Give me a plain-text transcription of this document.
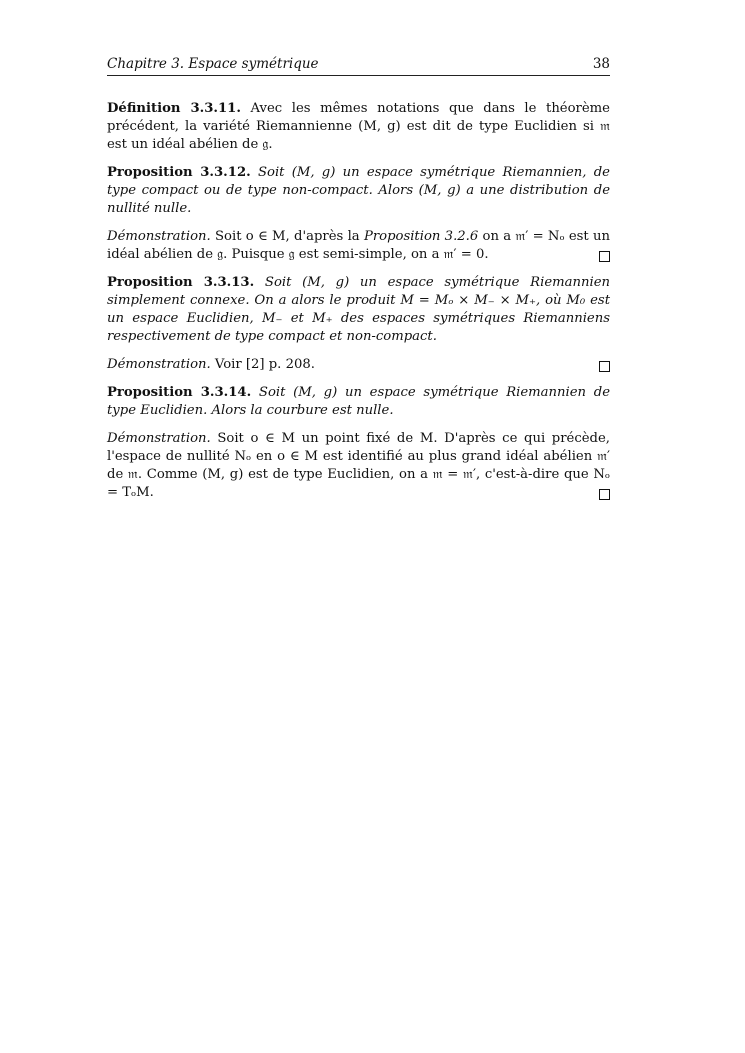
Chapitre 3. Espace symétrique	38

Définition 3.3.11. Avec les mêmes notations que dans le théorème précédent, la variété Riemannienne (M, g) est dit de type Euclidien si 𝔪 est un idéal abélien de 𝔤.

Proposition 3.3.12. Soit (M, g) un espace symétrique Riemannien, de type compact ou de type non-compact. Alors (M, g) a une distribution de nullité nulle.

Démonstration. Soit o ∈ M, d'après la Proposition 3.2.6 on a 𝔪′ = Nₒ est un idéal abélien de 𝔤. Puisque 𝔤 est semi-simple, on a 𝔪′ = 0.

Proposition 3.3.13. Soit (M, g) un espace symétrique Riemannien simplement connexe. On a alors le produit M = Mₒ × M₋ × M₊, où M₀ est un espace Euclidien, M₋ et M₊ des espaces symétriques Riemanniens respectivement de type compact et non-compact.

Démonstration. Voir [2] p. 208.

Proposition 3.3.14. Soit (M, g) un espace symétrique Riemannien de type Euclidien. Alors la courbure est nulle.

Démonstration. Soit o ∈ M un point fixé de M. D'après ce qui précède, l'espace de nullité Nₒ en o ∈ M est identifié au plus grand idéal abélien 𝔪′ de 𝔪. Comme (M, g) est de type Euclidien, on a 𝔪 = 𝔪′, c'est-à-dire que Nₒ = TₒM.
